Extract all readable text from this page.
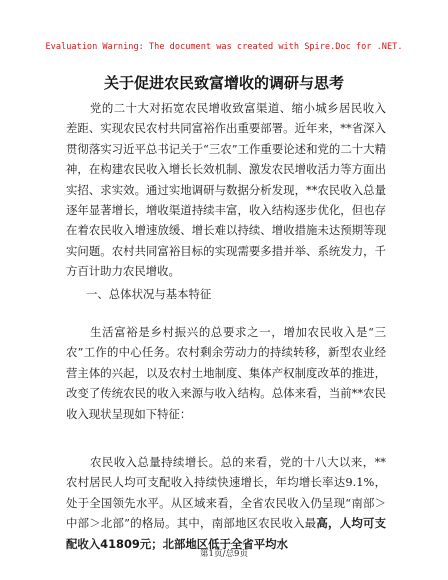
Evaluation Warning: The document was created with Spire.Doc for .NET.
关于促进农民致富增收的调研与思考
党的二十大对拓宽农民增收致富渠道、缩小城乡居民收入差距、实现农民农村共同富裕作出重要部署。近年来，**省深入贯彻落实习近平总书记关于“三农”工作重要论述和党的二十大精神，在构建农民收入增长长效机制、激发农民增收活力等方面出实招、求实效。通过实地调研与数据分析发现，**农民收入总量逐年显著增长，增收渠道持续丰富，收入结构逐步优化，但也存在着农民收入增速放缓、增长难以持续、增收措施未达预期等现实问题。农村共同富裕目标的实现需要多措并举、系统发力，千方百计助力农民增收。
一、总体状况与基本特征
生活富裕是乡村振兴的总要求之一，增加农民收入是“三农”工作的中心任务。农村剩余劳动力的持续转移，新型农业经营主体的兴起，以及农村土地制度、集体产权制度改革的推进，改变了传统农民的收入来源与收入结构。总体来看，当前**农民收入现状呈现如下特征：
农民收入总量持续增长。总的来看，党的十八大以来，**农村居民人均可支配收入持续快速增长，年均增长率达9.1%，处于全国领先水平。从区域来看，全省农民收入仍呈现“南部＞中部＞北部”的格局。其中，南部地区农民收入最高，人均可支配收入41809元；北部地区低于全省平均水
第1页/总9页
